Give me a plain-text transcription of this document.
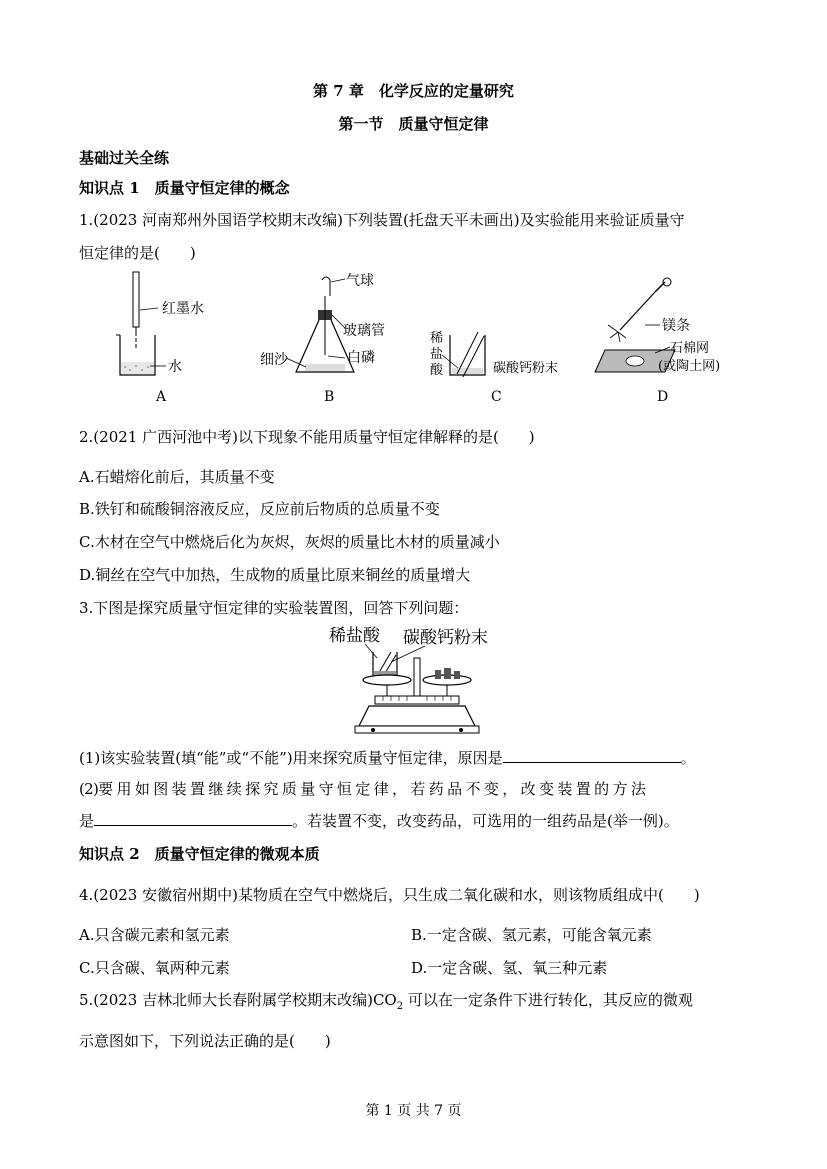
第 7 章　化学反应的定量研究
第一节　质量守恒定律
基础过关全练
知识点 1　质量守恒定律的概念
1.(2023 河南郑州外国语学校期末改编)下列装置(托盘天平未画出)及实验能用来验证质量守
恒定律的是(　　)
红墨水
水
气球
玻璃管
细沙	白磷
稀
盐
酸	碳酸钙粉末
镁条
石棉网
(或陶土网)
A	B	C	D
2.(2021 广西河池中考)以下现象不能用质量守恒定律解释的是(　　)
A.石蜡熔化前后，其质量不变
B.铁钉和硫酸铜溶液反应，反应前后物质的总质量不变
C.木材在空气中燃烧后化为灰烬，灰烬的质量比木材的质量减小
D.铜丝在空气中加热，生成物的质量比原来铜丝的质量增大
3.下图是探究质量守恒定律的实验装置图，回答下列问题：
稀盐酸 碳酸钙粉末
(1)该实验装置(填“能”或“不能”)用来探究质量守恒定律，原因是	。
(2)要 用 如 图 装 置 继 续 探 究 质 量 守 恒 定 律 ， 若 药 品 不 变 ， 改 变 装 置 的 方 法
是	。若装置不变，改变药品，可选用的一组药品是(举一例)。
知识点 2　质量守恒定律的微观本质
4.(2023 安徽宿州期中)某物质在空气中燃烧后，只生成二氧化碳和水，则该物质组成中(　　)
A.只含碳元素和氢元素	B.一定含碳、氢元素，可能含氧元素
C.只含碳、氧两种元素	D.一定含碳、氢、氧三种元素
5.(2023 吉林北师大长春附属学校期末改编)$CO_2$ 可以在一定条件下进行转化，其反应的微观
示意图如下，下列说法正确的是(　　)
第 1 页 共 7 页
